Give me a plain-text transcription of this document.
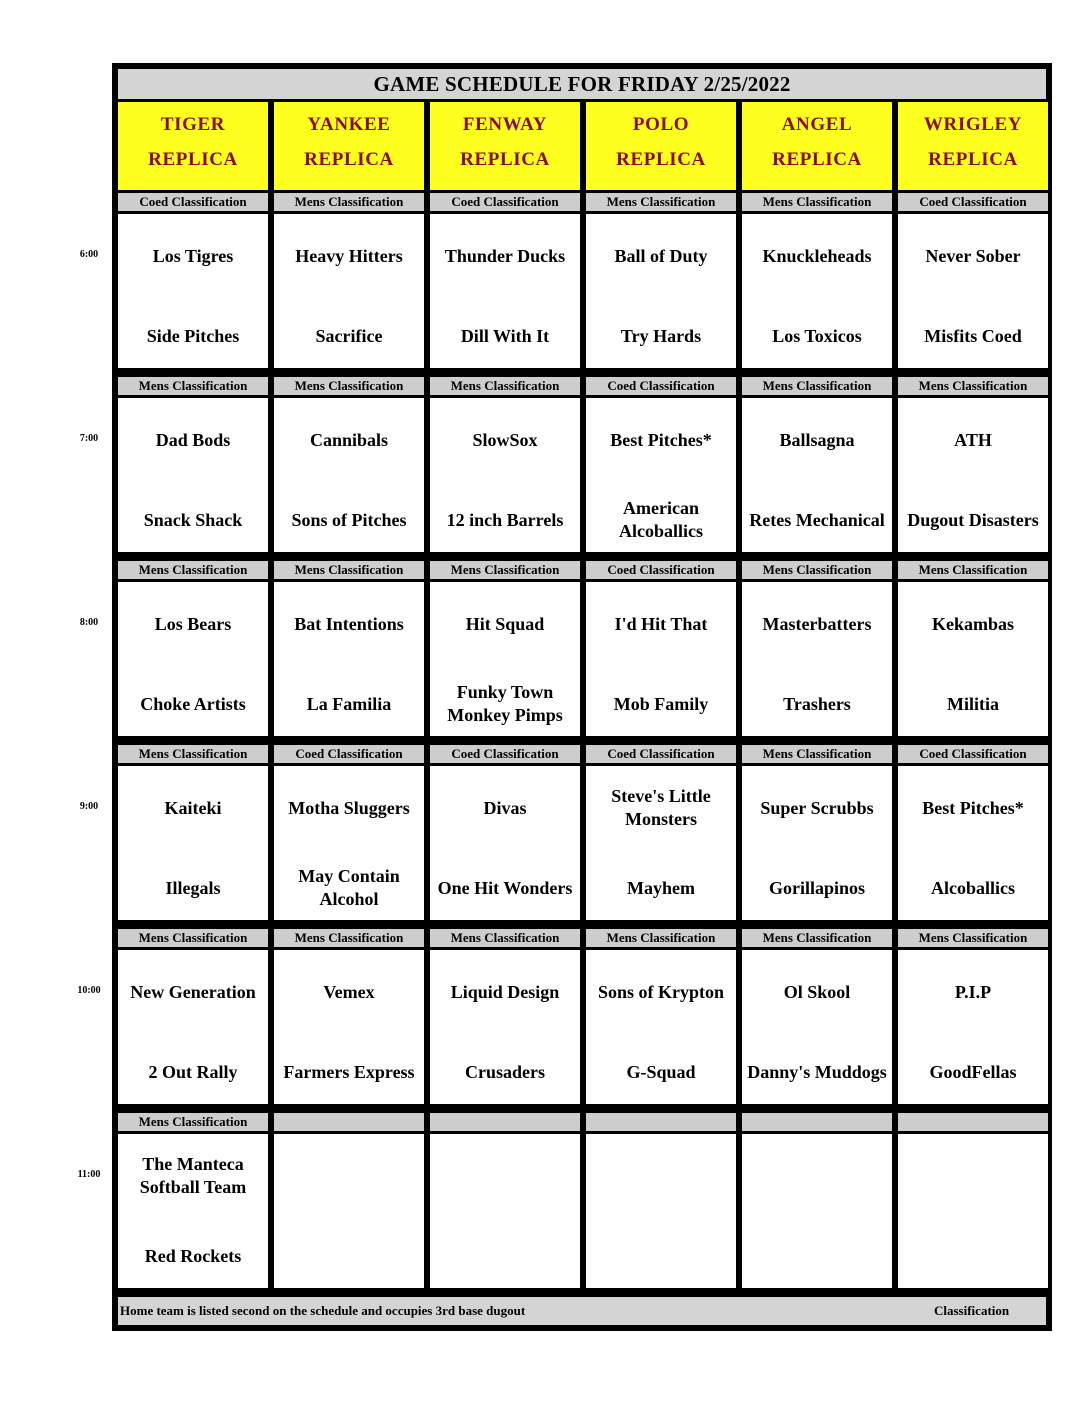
GAME SCHEDULE FOR FRIDAY 2/25/2022
TIGER
REPLICA
YANKEE
REPLICA
FENWAY
REPLICA
POLO
REPLICA
ANGEL
REPLICA
WRIGLEY
REPLICA
Coed Classification
Los Tigres
Side Pitches
Mens Classification
Heavy Hitters
Sacrifice
Coed Classification
Thunder Ducks
Dill With It
Mens Classification
Ball of Duty
Try Hards
Mens Classification
Knuckleheads
Los Toxicos
Coed Classification
Never Sober
Misfits Coed
Mens Classification
Dad Bods
Snack Shack
Mens Classification
Cannibals
Sons of Pitches
Mens Classification
SlowSox
12 inch Barrels
Coed Classification
Best Pitches*
American Alcoballics
Mens Classification
Ballsagna
Retes Mechanical
Mens Classification
ATH
Dugout Disasters
Mens Classification
Los Bears
Choke Artists
Mens Classification
Bat Intentions
La Familia
Mens Classification
Hit Squad
Funky Town Monkey Pimps
Coed Classification
I'd Hit That
Mob Family
Mens Classification
Masterbatters
Trashers
Mens Classification
Kekambas
Militia
Mens Classification
Kaiteki
Illegals
Coed Classification
Motha Sluggers
May Contain Alcohol
Coed Classification
Divas
One Hit Wonders
Coed Classification
Steve's Little Monsters
Mayhem
Mens Classification
Super Scrubbs
Gorillapinos
Coed Classification
Best Pitches*
Alcoballics
Mens Classification
New Generation
2 Out Rally
Mens Classification
Vemex
Farmers Express
Mens Classification
Liquid Design
Crusaders
Mens Classification
Sons of Krypton
G-Squad
Mens Classification
Ol Skool
Danny's Muddogs
Mens Classification
P.I.P
GoodFellas
Mens Classification
The Manteca Softball Team
Red Rockets
Home team is listed second on the schedule and occupies 3rd base dugout	Classification
6:00
7:00
8:00
9:00
10:00
11:00
